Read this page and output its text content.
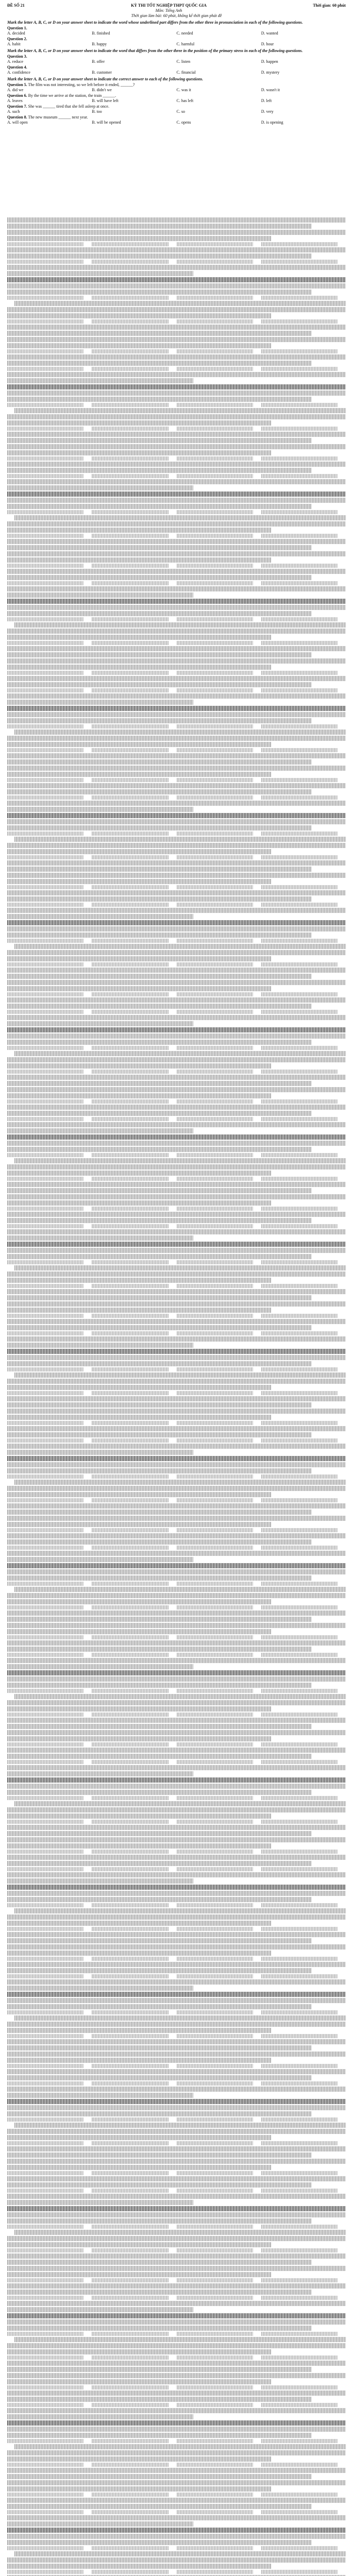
ĐỀ SỐ 21	KỲ THI TỐT NGHIỆP THPT QUỐC GIA
Môn: Tiếng Anh
Thời gian: 60 phút
Thời gian làm bài: 60 phút, không kể thời gian phát đề
Mark the letter A, B, C, or D on your answer sheet to indicate the word whose underlined part differs from the other three in pronunciation in each of the following questions.
Question 1.
A. decided	B. finished	C. needed	D. wanted
Question 2.
A. habit	B. happy	C. harmful	D. hour
Mark the letter A, B, C, or D on your answer sheet to indicate the word that differs from the other three in the position of the primary stress in each of the following questions.
Question 3.
A. reduce	B. offer	C. listen	D. happen
Question 4.
A. confidence	B. customer	C. financial	D. mystery
Mark the letter A, B, C, or D on your answer sheet to indicate the correct answer to each of the following questions.
Question 5. The film was not interesting, so we left before it ended, ______?
A. did we	B. didn't we	C. was it	D. wasn't it
Question 6. By the time we arrive at the station, the train ______.
A. leaves	B. will have left	C. has left	D. left
Question 7. She was ______ tired that she fell asleep at once.
A. such	B. too	C. so	D. very
Question 8. The new museum ______ next year.
A. will open	B. will be opened	C. opens	D. is opening
